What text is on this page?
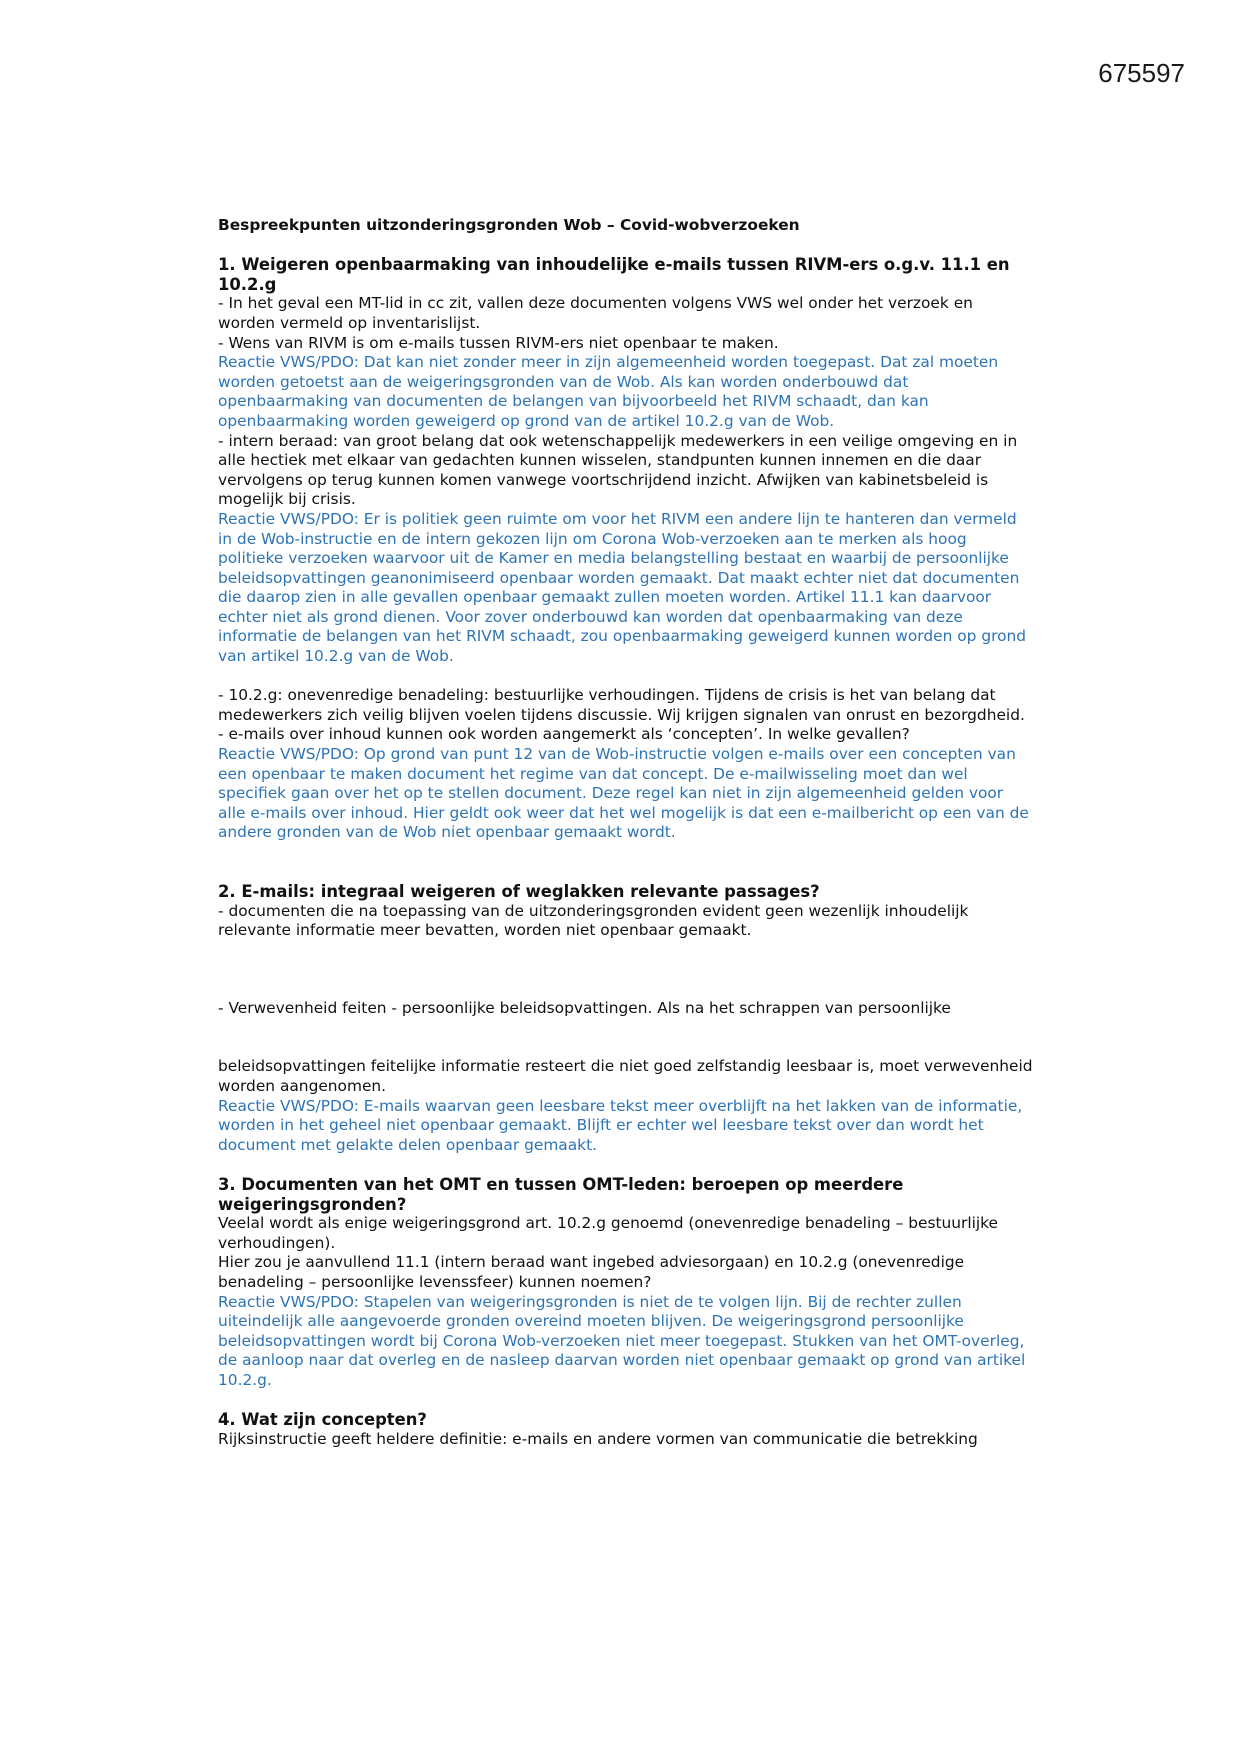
675597

Bespreekpunten uitzonderingsgronden Wob – Covid-wobverzoeken

1. Weigeren openbaarmaking van inhoudelijke e-mails tussen RIVM-ers o.g.v. 11.1 en 10.2.g

- In het geval een MT-lid in cc zit, vallen deze documenten volgens VWS wel onder het verzoek en worden vermeld op inventarislijst.

- Wens van RIVM is om e-mails tussen RIVM-ers niet openbaar te maken.

Reactie VWS/PDO: Dat kan niet zonder meer in zijn algemeenheid worden toegepast. Dat zal moeten worden getoetst aan de weigeringsgronden van de Wob. Als kan worden onderbouwd dat openbaarmaking van documenten de belangen van bijvoorbeeld het RIVM schaadt, dan kan openbaarmaking worden geweigerd op grond van de artikel 10.2.g van de Wob.

- intern beraad: van groot belang dat ook wetenschappelijk medewerkers in een veilige omgeving en in alle hectiek met elkaar van gedachten kunnen wisselen, standpunten kunnen innemen en die daar vervolgens op terug kunnen komen vanwege voortschrijdend inzicht. Afwijken van kabinetsbeleid is mogelijk bij crisis.

Reactie VWS/PDO: Er is politiek geen ruimte om voor het RIVM een andere lijn te hanteren dan vermeld in de Wob-instructie en de intern gekozen lijn om Corona Wob-verzoeken aan te merken als hoog politieke verzoeken waarvoor uit de Kamer en media belangstelling bestaat en waarbij de persoonlijke beleidsopvattingen geanonimiseerd openbaar worden gemaakt. Dat maakt echter niet dat documenten die daarop zien in alle gevallen openbaar gemaakt zullen moeten worden. Artikel 11.1 kan daarvoor echter niet als grond dienen. Voor zover onderbouwd kan worden dat openbaarmaking van deze informatie de belangen van het RIVM schaadt, zou openbaarmaking geweigerd kunnen worden op grond van artikel 10.2.g van de Wob.

- 10.2.g: onevenredige benadeling: bestuurlijke verhoudingen. Tijdens de crisis is het van belang dat medewerkers zich veilig blijven voelen tijdens discussie. Wij krijgen signalen van onrust en bezorgdheid.

- e-mails over inhoud kunnen ook worden aangemerkt als ‘concepten’. In welke gevallen?

Reactie VWS/PDO: Op grond van punt 12 van de Wob-instructie volgen e-mails over een concepten van een openbaar te maken document het regime van dat concept. De e-mailwisseling moet dan wel specifiek gaan over het op te stellen document. Deze regel kan niet in zijn algemeenheid gelden voor alle e-mails over inhoud. Hier geldt ook weer dat het wel mogelijk is dat een e-mailbericht op een van de andere gronden van de Wob niet openbaar gemaakt wordt.

2. E-mails: integraal weigeren of weglakken relevante passages?

- documenten die na toepassing van de uitzonderingsgronden evident geen wezenlijk inhoudelijk relevante informatie meer bevatten, worden niet openbaar gemaakt.

- Verwevenheid feiten - persoonlijke beleidsopvattingen. Als na het schrappen van persoonlijke

beleidsopvattingen feitelijke informatie resteert die niet goed zelfstandig leesbaar is, moet verwevenheid worden aangenomen.

Reactie VWS/PDO: E-mails waarvan geen leesbare tekst meer overblijft na het lakken van de informatie, worden in het geheel niet openbaar gemaakt. Blijft er echter wel leesbare tekst over dan wordt het document met gelakte delen openbaar gemaakt.

3. Documenten van het OMT en tussen OMT-leden: beroepen op meerdere weigeringsgronden?

Veelal wordt als enige weigeringsgrond art. 10.2.g genoemd (onevenredige benadeling – bestuurlijke verhoudingen).

Hier zou je aanvullend 11.1 (intern beraad want ingebed adviesorgaan) en 10.2.g (onevenredige benadeling – persoonlijke levenssfeer) kunnen noemen?

Reactie VWS/PDO: Stapelen van weigeringsgronden is niet de te volgen lijn. Bij de rechter zullen uiteindelijk alle aangevoerde gronden overeind moeten blijven. De weigeringsgrond persoonlijke beleidsopvattingen wordt bij Corona Wob-verzoeken niet meer toegepast. Stukken van het OMT-overleg, de aanloop naar dat overleg en de nasleep daarvan worden niet openbaar gemaakt op grond van artikel 10.2.g.

4. Wat zijn concepten?

Rijksinstructie geeft heldere definitie: e-mails en andere vormen van communicatie die betrekking
